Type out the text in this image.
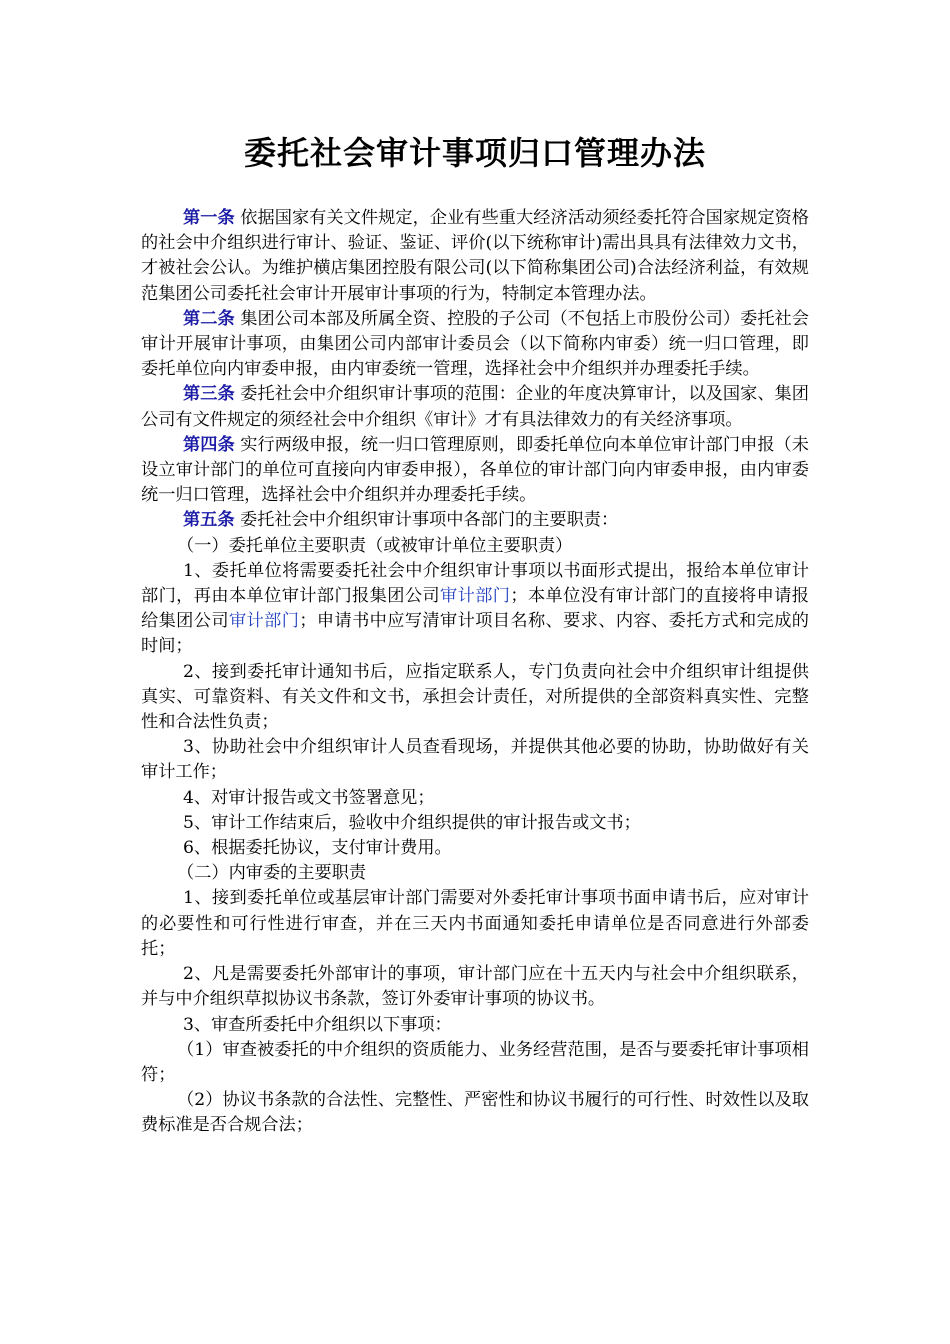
委托社会审计事项归口管理办法

第一条 依据国家有关文件规定，企业有些重大经济活动须经委托符合国家规定资格的社会中介组织进行审计、验证、鉴证、评价(以下统称审计)需出具具有法律效力文书，才被社会公认。为维护横店集团控股有限公司(以下简称集团公司)合法经济利益，有效规范集团公司委托社会审计开展审计事项的行为，特制定本管理办法。

第二条 集团公司本部及所属全资、控股的子公司（不包括上市股份公司）委托社会审计开展审计事项，由集团公司内部审计委员会（以下简称内审委）统一归口管理，即委托单位向内审委申报，由内审委统一管理，选择社会中介组织并办理委托手续。

第三条 委托社会中介组织审计事项的范围：企业的年度决算审计，以及国家、集团公司有文件规定的须经社会中介组织《审计》才有具法律效力的有关经济事项。

第四条 实行两级申报，统一归口管理原则，即委托单位向本单位审计部门申报（未设立审计部门的单位可直接向内审委申报），各单位的审计部门向内审委申报，由内审委统一归口管理，选择社会中介组织并办理委托手续。

第五条 委托社会中介组织审计事项中各部门的主要职责：

（一）委托单位主要职责（或被审计单位主要职责）

1、委托单位将需要委托社会中介组织审计事项以书面形式提出，报给本单位审计部门，再由本单位审计部门报集团公司审计部门；本单位没有审计部门的直接将申请报给集团公司审计部门；申请书中应写清审计项目名称、要求、内容、委托方式和完成的时间；

2、接到委托审计通知书后，应指定联系人，专门负责向社会中介组织审计组提供真实、可靠资料、有关文件和文书，承担会计责任，对所提供的全部资料真实性、完整性和合法性负责；

3、协助社会中介组织审计人员查看现场，并提供其他必要的协助，协助做好有关审计工作；

4、对审计报告或文书签署意见；

5、审计工作结束后，验收中介组织提供的审计报告或文书；

6、根据委托协议，支付审计费用。

（二）内审委的主要职责

1、接到委托单位或基层审计部门需要对外委托审计事项书面申请书后，应对审计的必要性和可行性进行审查，并在三天内书面通知委托申请单位是否同意进行外部委托；

2、凡是需要委托外部审计的事项，审计部门应在十五天内与社会中介组织联系，并与中介组织草拟协议书条款，签订外委审计事项的协议书。

3、审查所委托中介组织以下事项：

（1）审查被委托的中介组织的资质能力、业务经营范围，是否与要委托审计事项相符；

（2）协议书条款的合法性、完整性、严密性和协议书履行的可行性、时效性以及取费标准是否合规合法；
